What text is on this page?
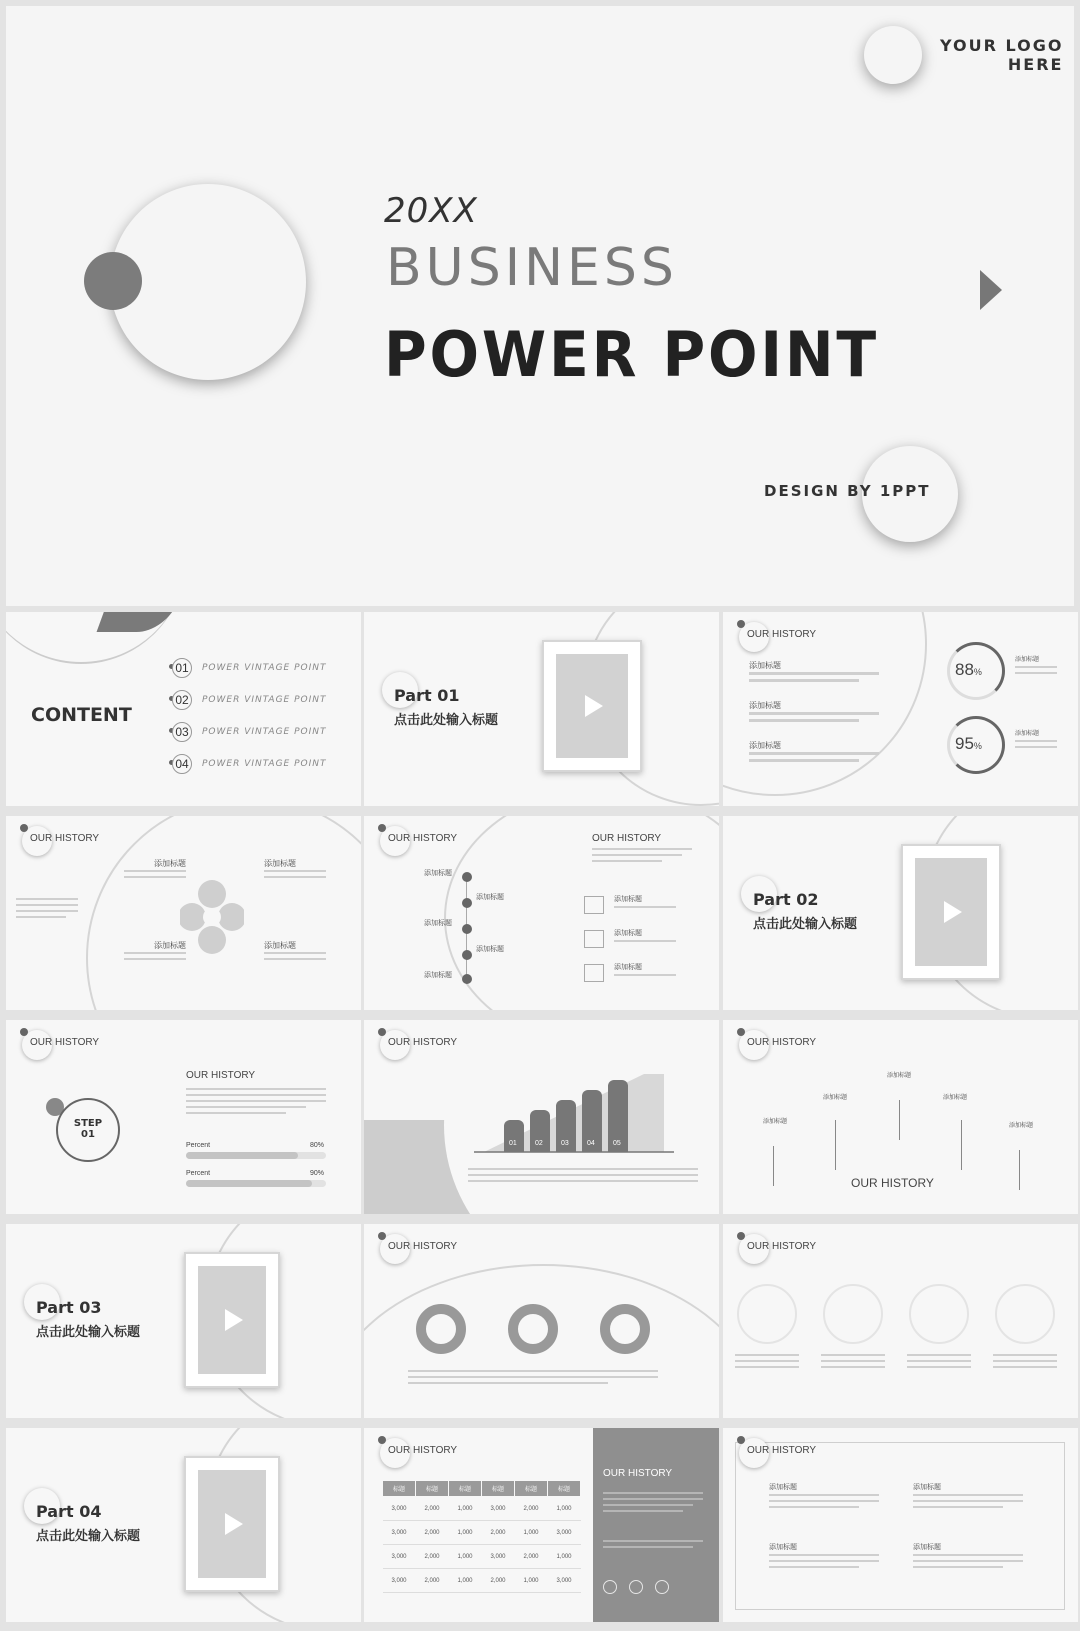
YOUR LOGO
HERE
20XX
BUSINESS
POWER POINT
DESIGN BY 1PPT
CONTENT
01	POWER VINTAGE POINT
02	POWER VINTAGE POINT
03	POWER VINTAGE POINT
04	POWER VINTAGE POINT
Part 01
点击此处输入标题
OUR HISTORY
添加标题
添加标题
添加标题
88%
添加标题
95%
添加标题
OUR HISTORY
添加标题	添加标题
添加标题	添加标题
OUR HISTORY	OUR HISTORY
添加标题
添加标题
添加标题
添加标题
添加标题
添加标题
添加标题
添加标题
Part 02
点击此处输入标题
OUR HISTORY
STEP
01
OUR HISTORY
Percent	80%
Percent	90%
OUR HISTORY
01	02	03	04	05
OUR HISTORY
添加标题
添加标题	添加标题
添加标题
添加标题
OUR HISTORY
Part 03
点击此处输入标题
OUR HISTORY	OUR HISTORY
Part 04
点击此处输入标题
OUR HISTORY
标题	标题	标题	标题	标题	标题
3,000	2,000	1,000	3,000	2,000	1,000
3,000	2,000	1,000	2,000	1,000	3,000
3,000	2,000	1,000	3,000	2,000	1,000
3,000	2,000	1,000	2,000	1,000	3,000
OUR HISTORY
OUR HISTORY
添加标题	添加标题
添加标题	添加标题
